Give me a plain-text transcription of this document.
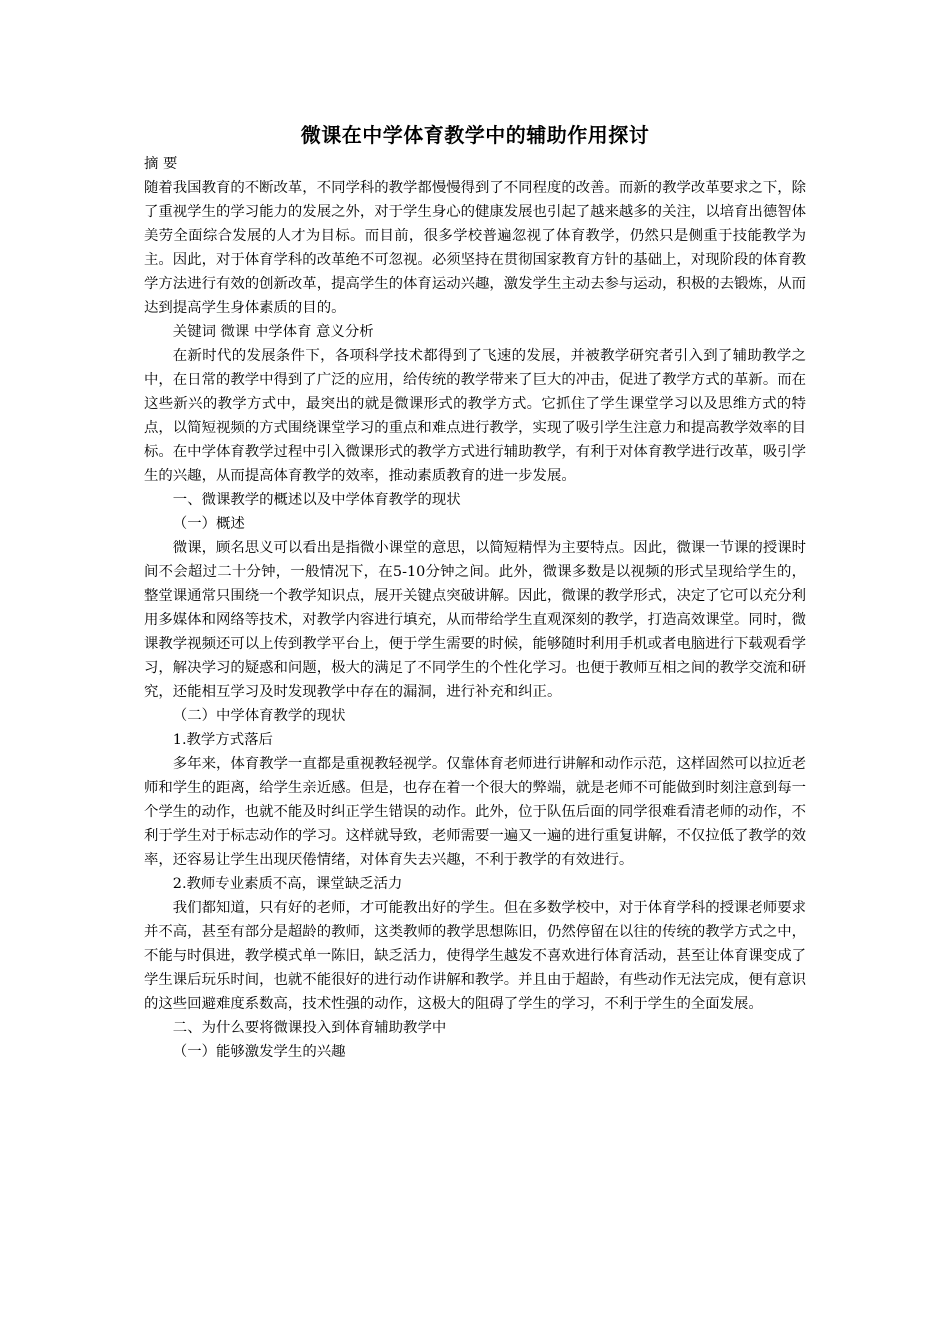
微课在中学体育教学中的辅助作用探讨

摘 要

随着我国教育的不断改革，不同学科的教学都慢慢得到了不同程度的改善。而新的教学改革要求之下，除了重视学生的学习能力的发展之外，对于学生身心的健康发展也引起了越来越多的关注，以培育出德智体美劳全面综合发展的人才为目标。而目前，很多学校普遍忽视了体育教学，仍然只是侧重于技能教学为主。因此，对于体育学科的改革绝不可忽视。必须坚持在贯彻国家教育方针的基础上，对现阶段的体育教学方法进行有效的创新改革，提高学生的体育运动兴趣，激发学生主动去参与运动，积极的去锻炼，从而达到提高学生身体素质的目的。

关键词 微课 中学体育 意义分析

在新时代的发展条件下，各项科学技术都得到了飞速的发展，并被教学研究者引入到了辅助教学之中，在日常的教学中得到了广泛的应用，给传统的教学带来了巨大的冲击，促进了教学方式的革新。而在这些新兴的教学方式中，最突出的就是微课形式的教学方式。它抓住了学生课堂学习以及思维方式的特点，以简短视频的方式围绕课堂学习的重点和难点进行教学，实现了吸引学生注意力和提高教学效率的目标。在中学体育教学过程中引入微课形式的教学方式进行辅助教学，有利于对体育教学进行改革，吸引学生的兴趣，从而提高体育教学的效率，推动素质教育的进一步发展。

一、微课教学的概述以及中学体育教学的现状

（一）概述

微课，顾名思义可以看出是指微小课堂的意思，以简短精悍为主要特点。因此，微课一节课的授课时间不会超过二十分钟，一般情况下，在5-10分钟之间。此外，微课多数是以视频的形式呈现给学生的，整堂课通常只围绕一个教学知识点，展开关键点突破讲解。因此，微课的教学形式，决定了它可以充分利用多媒体和网络等技术，对教学内容进行填充，从而带给学生直观深刻的教学，打造高效课堂。同时，微课教学视频还可以上传到教学平台上，便于学生需要的时候，能够随时利用手机或者电脑进行下载观看学习，解决学习的疑惑和问题，极大的满足了不同学生的个性化学习。也便于教师互相之间的教学交流和研究，还能相互学习及时发现教学中存在的漏洞，进行补充和纠正。

（二）中学体育教学的现状

1.教学方式落后

多年来，体育教学一直都是重视教轻视学。仅靠体育老师进行讲解和动作示范，这样固然可以拉近老师和学生的距离，给学生亲近感。但是，也存在着一个很大的弊端，就是老师不可能做到时刻注意到每一个学生的动作，也就不能及时纠正学生错误的动作。此外，位于队伍后面的同学很难看清老师的动作，不利于学生对于标志动作的学习。这样就导致，老师需要一遍又一遍的进行重复讲解，不仅拉低了教学的效率，还容易让学生出现厌倦情绪，对体育失去兴趣，不利于教学的有效进行。

2.教师专业素质不高，课堂缺乏活力

我们都知道，只有好的老师，才可能教出好的学生。但在多数学校中，对于体育学科的授课老师要求并不高，甚至有部分是超龄的教师，这类教师的教学思想陈旧，仍然停留在以往的传统的教学方式之中，不能与时俱进，教学模式单一陈旧，缺乏活力，使得学生越发不喜欢进行体育活动，甚至让体育课变成了学生课后玩乐时间，也就不能很好的进行动作讲解和教学。并且由于超龄，有些动作无法完成，便有意识的这些回避难度系数高，技术性强的动作，这极大的阻碍了学生的学习，不利于学生的全面发展。

二、为什么要将微课投入到体育辅助教学中

（一）能够激发学生的兴趣
